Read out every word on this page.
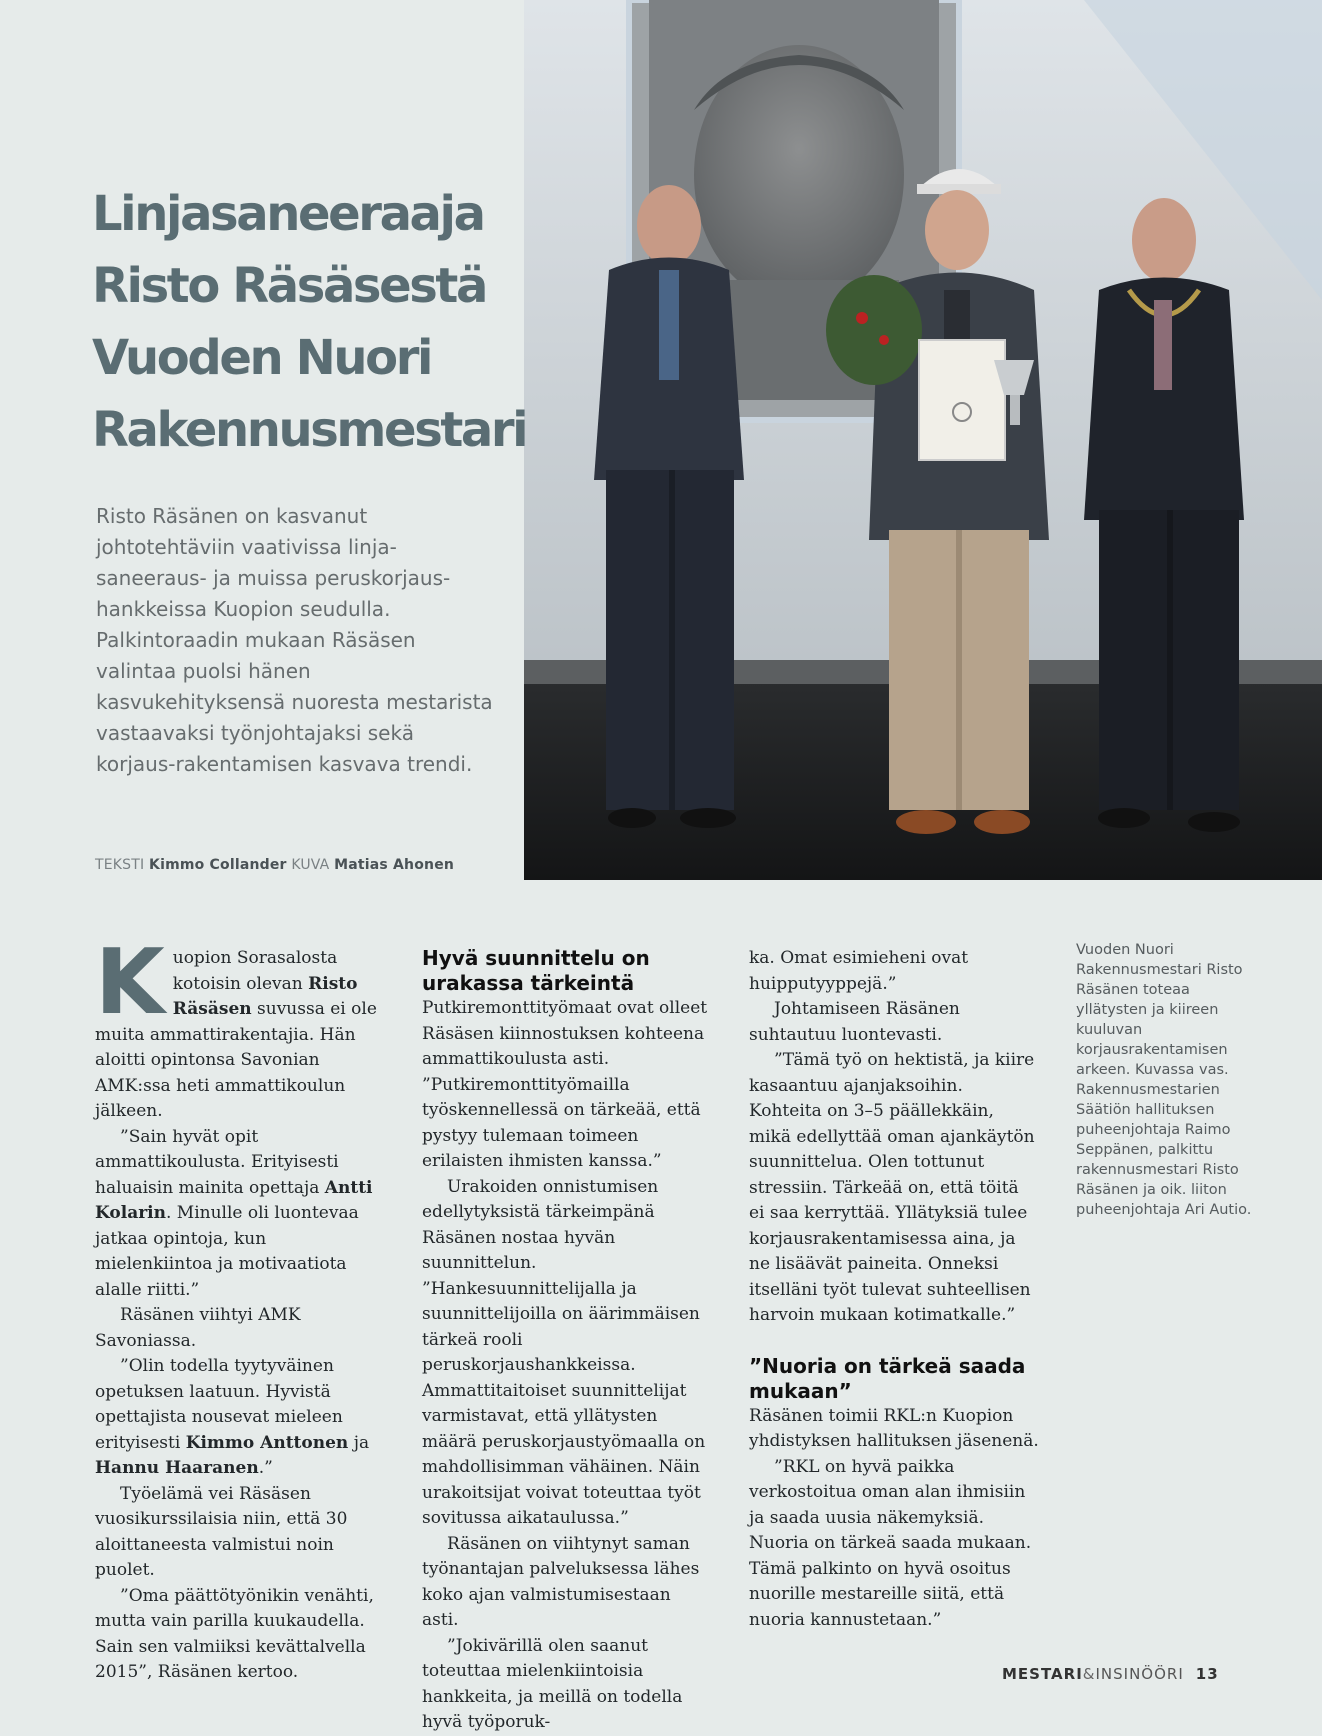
Linjasaneeraaja
Risto Räsäsestä
Vuoden Nuori
Rakennusmestari

Risto Räsänen on kasvanut johtotehtäviin vaativissa linja-saneeraus- ja muissa peruskorjaus-hankkeissa Kuopion seudulla. Palkintoraadin mukaan Räsäsen valintaa puolsi hänen kasvukehityksensä nuoresta mestarista vastaavaksi työnjohtajaksi sekä korjaus-rakentamisen kasvava trendi.

TEKSTI Kimmo Collander KUVA Matias Ahonen

Kuopion Sorasalosta kotoisin olevan Risto Räsäsen suvussa ei ole muita ammattirakentajia. Hän aloitti opintonsa Savonian AMK:ssa heti ammattikoulun jälkeen.

”Sain hyvät opit ammattikoulusta. Erityisesti haluaisin mainita opettaja Antti Kolarin. Minulle oli luontevaa jatkaa opintoja, kun mielenkiintoa ja motivaatiota alalle riitti.”

Räsänen viihtyi AMK Savoniassa.

”Olin todella tyytyväinen opetuksen laatuun. Hyvistä opettajista nousevat mieleen erityisesti Kimmo Anttonen ja Hannu Haaranen.”

Työelämä vei Räsäsen vuosikurssilaisia niin, että 30 aloittaneesta valmistui noin puolet.

”Oma päättötyönikin venähti, mutta vain parilla kuukaudella. Sain sen valmiiksi kevättalvella 2015”, Räsänen kertoo.

Hyvä suunnittelu on urakassa tärkeintä

Putkiremonttityömaat ovat olleet Räsäsen kiinnostuksen kohteena ammattikoulusta asti. ”Putkiremonttityömailla työskennellessä on tärkeää, että pystyy tulemaan toimeen erilaisten ihmisten kanssa.”

Urakoiden onnistumisen edellytyksistä tärkeimpänä Räsänen nostaa hyvän suunnittelun. ”Hankesuunnittelijalla ja suunnittelijoilla on äärimmäisen tärkeä rooli peruskorjaushankkeissa. Ammattitaitoiset suunnittelijat varmistavat, että yllätysten määrä peruskorjaustyömaalla on mahdollisimman vähäinen. Näin urakoitsijat voivat toteuttaa työt sovitussa aikataulussa.”

Räsänen on viihtynyt saman työnantajan palveluksessa lähes koko ajan valmistumisestaan asti.

”Jokivärillä olen saanut toteuttaa mielenkiintoisia hankkeita, ja meillä on todella hyvä työporuk-

ka. Omat esimieheni ovat huipputyyppejä.”

Johtamiseen Räsänen suhtautuu luontevasti.

”Tämä työ on hektistä, ja kiire kasaantuu ajanjaksoihin. Kohteita on 3–5 päällekkäin, mikä edellyttää oman ajankäytön suunnittelua. Olen tottunut stressiin. Tärkeää on, että töitä ei saa kerryttää. Yllätyksiä tulee korjausrakentamisessa aina, ja ne lisäävät paineita. Onneksi itselläni työt tulevat suhteellisen harvoin mukaan kotimatkalle.”

”Nuoria on tärkeä saada mukaan”

Räsänen toimii RKL:n Kuopion yhdistyksen hallituksen jäsenenä.

”RKL on hyvä paikka verkostoitua oman alan ihmisiin ja saada uusia näkemyksiä. Nuoria on tärkeä saada mukaan. Tämä palkinto on hyvä osoitus nuorille mestareille siitä, että nuoria kannustetaan.”

Vuoden Nuori Rakennusmestari Risto Räsänen toteaa yllätysten ja kiireen kuuluvan korjausrakentamisen arkeen. Kuvassa vas. Rakennusmestarien Säätiön hallituksen puheenjohtaja Raimo Seppänen, palkittu rakennusmestari Risto Räsänen ja oik. liiton puheenjohtaja Ari Autio.

MESTARI&INSINÖÖRI 13
